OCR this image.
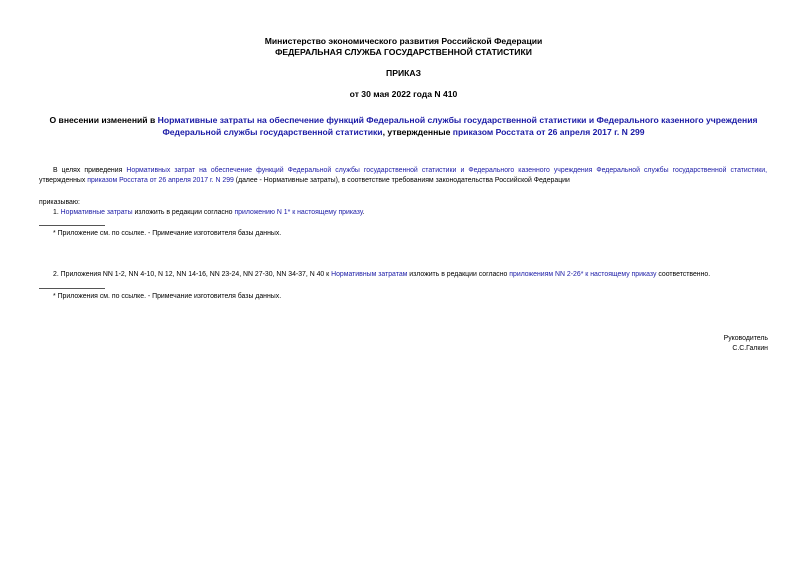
Министерство экономического развития Российской Федерации
ФЕДЕРАЛЬНАЯ СЛУЖБА ГОСУДАРСТВЕННОЙ СТАТИСТИКИ
ПРИКАЗ
от 30 мая 2022 года N 410
О внесении изменений в Нормативные затраты на обеспечение функций Федеральной службы государственной статистики и Федерального казенного учреждения Федеральной службы государственной статистики, утвержденные приказом Росстата от 26 апреля 2017 г. N 299
В целях приведения Нормативных затрат на обеспечение функций Федеральной службы государственной статистики и Федерального казенного учреждения Федеральной службы государственной статистики,
утвержденных приказом Росстата от 26 апреля 2017 г. N 299 (далее - Нормативные затраты), в соответствие требованиям законодательства Российской Федерации
приказываю:
1. Нормативные затраты изложить в редакции согласно приложению N 1* к настоящему приказу.
* Приложение см. по ссылке. - Примечание изготовителя базы данных.
2. Приложения NN 1-2, NN 4-10, N 12, NN 14-16, NN 23-24, NN 27-30, NN 34-37, N 40 к Нормативным затратам изложить в редакции согласно приложениям NN 2-26* к настоящему приказу соответственно.
* Приложения см. по ссылке. - Примечание изготовителя базы данных.
Руководитель
С.С.Галкин
